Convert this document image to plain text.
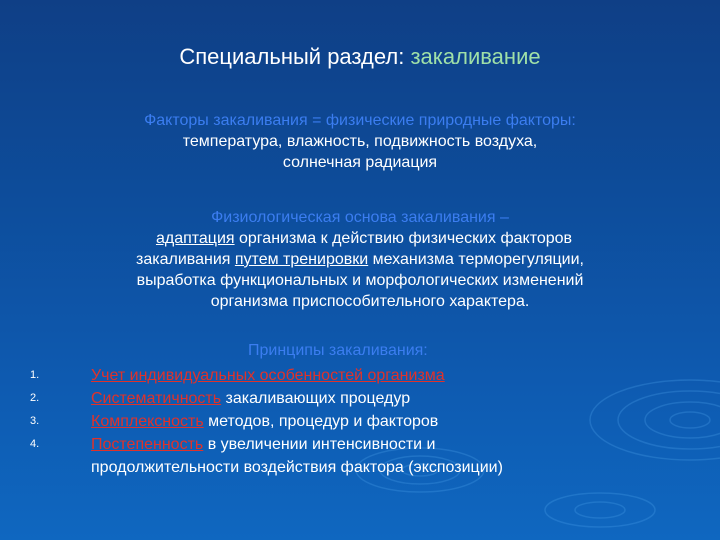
Специальный раздел: закаливание
Факторы закаливания = физические природные факторы:
температура, влажность, подвижность воздуха,
солнечная радиация
Физиологическая основа закаливания –
адаптация организма к действию физических факторов
закаливания путем тренировки механизма терморегуляции,
выработка функциональных и морфологических изменений
организма приспособительного характера.
Принципы закаливания:
1.	Учет индивидуальных особенностей организма
2.	Систематичность закаливающих процедур
3.	Комплексность методов, процедур и факторов
4.	Постепенность в увеличении интенсивности и
продолжительности воздействия фактора (экспозиции)
